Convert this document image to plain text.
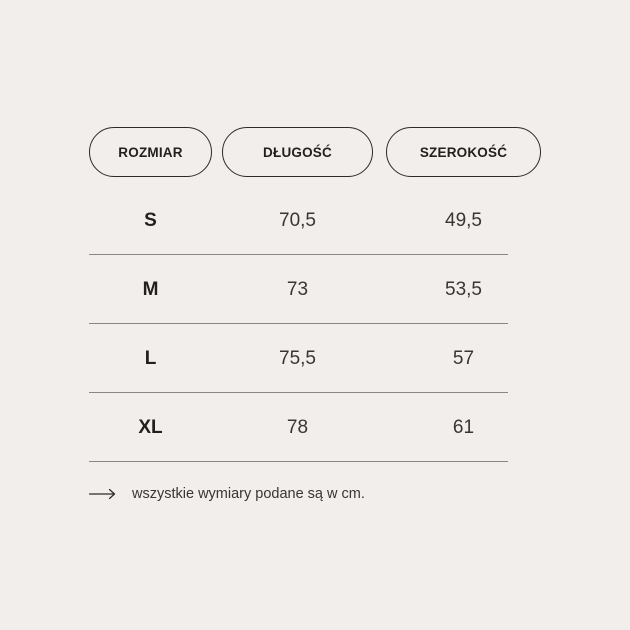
ROZMIAR	DŁUGOŚĆ	SZEROKOŚĆ
S	70,5	49,5
M	73	53,5
L	75,5	57
XL	78	61
wszystkie wymiary podane są w cm.
